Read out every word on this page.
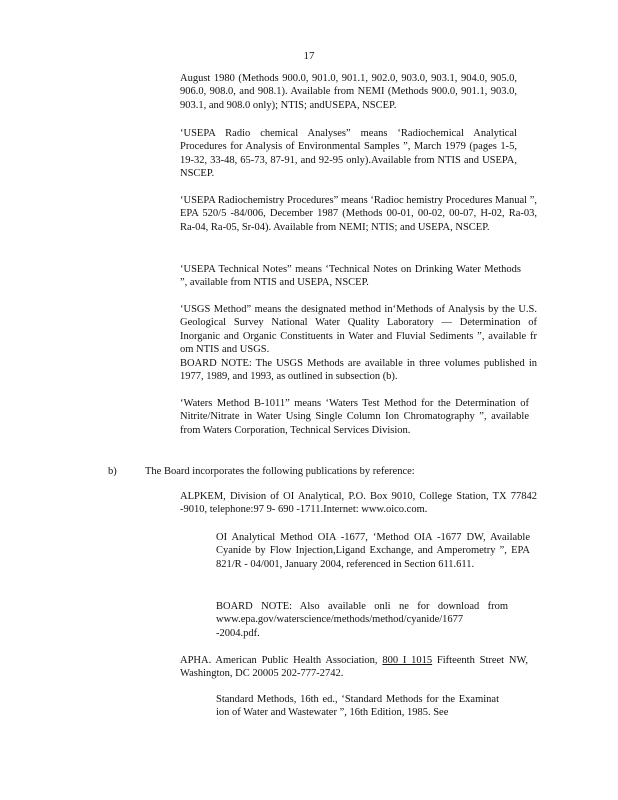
17
August 1980 (Methods 900.0, 901.0, 901.1, 902.0, 903.0, 903.1, 904.0, 905.0, 906.0, 908.0, and 908.1). Available from NEMI (Methods 900.0, 901.1, 903.0, 903.1, and 908.0 only); NTIS; andUSEPA, NSCEP.
‘USEPA Radio chemical Analyses” means ‘Radiochemical Analytical Procedures for Analysis of Environmental Samples ”, March 1979 (pages 1-5, 19-32, 33-48, 65-73, 87-91, and 92-95 only).Available from NTIS and USEPA, NSCEP.
‘USEPA Radiochemistry Procedures” means ‘Radioc hemistry Procedures Manual ”, EPA 520/5 -84/006, December 1987 (Methods 00-01, 00-02, 00-07, H-02, Ra-03, Ra-04, Ra-05, Sr-04). Available from NEMI; NTIS; and USEPA, NSCEP.
‘USEPA Technical Notes” means ‘Technical Notes on Drinking Water Methods ”, available from NTIS and USEPA, NSCEP.
‘USGS Method” means the designated method in‘Methods of Analysis by the U.S. Geological Survey National Water Quality Laboratory — Determination of Inorganic and Organic Constituents in Water and Fluvial Sediments ”, available fr om NTIS and USGS.
BOARD NOTE: The USGS Methods are available in three volumes published in 1977, 1989, and 1993, as outlined in subsection (b).
‘Waters Method B-1011” means ‘Waters Test Method for the Determination of Nitrite/Nitrate in Water Using Single Column Ion Chromatography ”, available from Waters Corporation, Technical Services Division.
b)	The Board incorporates the following publications by reference:
ALPKEM, Division of OI Analytical, P.O. Box 9010, College Station, TX 77842 -9010, telephone:97 9- 690 -1711.Internet: www.oico.com.
OI Analytical Method OIA -1677, ‘Method OIA -1677 DW, Available Cyanide by Flow Injection,Ligand Exchange, and Amperometry ”, EPA 821/R - 04/001, January 2004, referenced in Section 611.611.
BOARD NOTE: Also available onli ne for download from www.epa.gov/waterscience/methods/method/cyanide/1677 -2004.pdf.
APHA. American Public Health Association, 800 I 1015 Fifteenth Street NW, Washington, DC 20005 202-777-2742.
Standard Methods, 16th ed., ‘Standard Methods for the Examinat ion of Water and Wastewater ”, 16th Edition, 1985. See
